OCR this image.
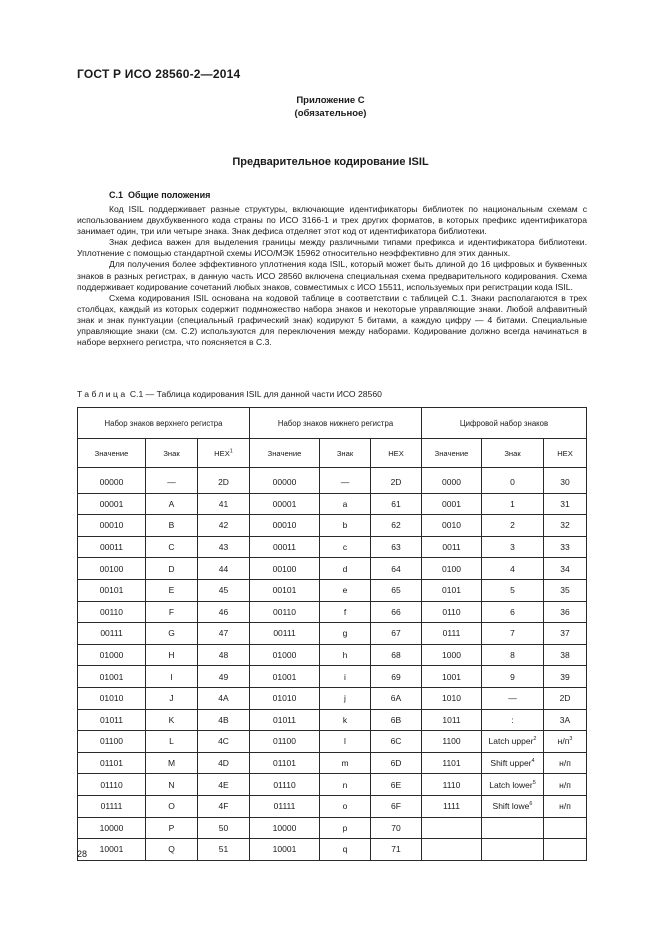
ГОСТ Р ИСО 28560-2—2014
Приложение С
(обязательное)
Предварительное кодирование ISIL
С.1 Общие положения

Код ISIL поддерживает разные структуры, включающие идентификаторы библиотек по национальным схемам с использованием двухбуквенного кода страны по ИСО 3166-1 и трех других форматов, в которых префикс идентификатора занимает один, три или четыре знака. Знак дефиса отделяет этот код от идентификатора библиотеки.

Знак дефиса важен для выделения границы между различными типами префикса и идентификатора библиотеки. Уплотнение с помощью стандартной схемы ИСО/МЭК 15962 относительно неэффективно для этих данных.

Для получения более эффективного уплотнения кода ISIL, который может быть длиной до 16 цифровых и буквенных знаков в разных регистрах, в данную часть ИСО 28560 включена специальная схема предварительного кодирования. Схема поддерживает кодирование сочетаний любых знаков, совместимых с ИСО 15511, используемых при регистрации кода ISIL.

Схема кодирования ISIL основана на кодовой таблице в соответствии с таблицей С.1. Знаки располагаются в трех столбцах, каждый из которых содержит подмножество набора знаков и некоторые управляющие знаки. Любой алфавитный знак и знак пунктуации (специальный графический знак) кодируют 5 битами, а каждую цифру — 4 битами. Специальные управляющие знаки (см. С.2) используются для переключения между наборами. Кодирование должно всегда начинаться в наборе верхнего регистра, что поясняется в С.3.

Таблица С.1 — Таблица кодирования ISIL для данной части ИСО 28560
Набор знаков верхнего регистра			Набор знаков нижнего регистра			Цифровой набор знаков		
Значение	Знак	HEX$^1$	Значение	Знак	HEX	Значение	Знак	HEX
00000	—	2D	00000	—	2D	0000	0	30
00001	A	41	00001	a	61	0001	1	31
00010	B	42	00010	b	62	0010	2	32
00011	C	43	00011	c	63	0011	3	33
00100	D	44	00100	d	64	0100	4	34
00101	E	45	00101	e	65	0101	5	35
00110	F	46	00110	f	66	0110	6	36
00111	G	47	00111	g	67	0111	7	37
01000	H	48	01000	h	68	1000	8	38
01001	I	49	01001	i	69	1001	9	39
01010	J	4A	01010	j	6A	1010	—	2D
01011	K	4B	01011	k	6B	1011	:	3A
01100	L	4C	01100	l	6C	1100	Latch upper$^2$	$н/п^3$
01101	M	4D	01101	m	6D	1101	Shift upper$^4$	н/п
01110	N	4E	01110	n	6E	1110	Latch lower$^5$	н/п
01111	O	4F	01111	o	6F	1111	Shift lowe$^6$	н/п
10000	P	50	10000	p	70			
10001	Q	51	10001	q	71			
28
